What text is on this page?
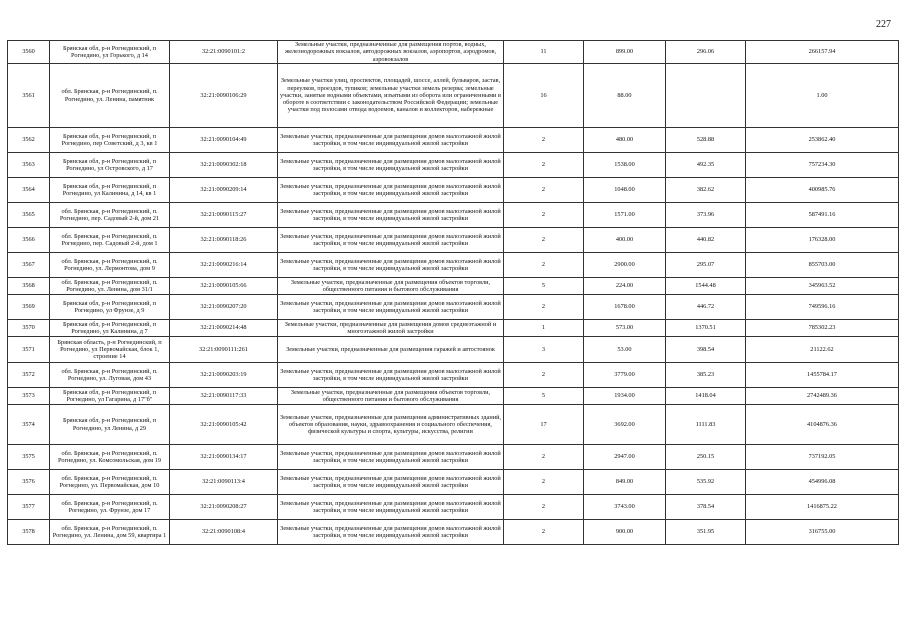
227
3560	Брянская обл, р-н Рогнединский, п Рогнедино, ул Горького, д 14	32:21:0090101:2	Земельные участки, предназначенные для размещения портов, водных, железнодорожных вокзалов, автодорожных вокзалов, аэропортов, аэродромов, аэровокзалов	11	899.00	296.06	266157.94
3561	обл. Брянская, р-н Рогнединский, п. Рогнедино, ул. Ленина, памятник	32:21:0090106:29	Земельные участки улиц, проспектов, площадей, шоссе, аллей, бульваров, застав, переулков, проездов, тупиков; земельные участки земель резерва; земельные участки, занятые водными объектами, изъятыми из оборота или ограниченными в обороте в соответствии с законодательством Российской Федерации; земельные участки под полосами отвода водоемов, каналов и коллекторов, набережные	16	88.00		1.00
3562	Брянская обл, р-н Рогнединский, п Рогнедино, пер Советский, д 3, кв 1	32:21:0090104:49	Земельные участки, предназначенные для размещения домов малоэтажной жилой застройки, в том числе индивидуальной жилой застройки	2	480.00	528.88	253862.40
3563	Брянская обл, р-н Рогнединский, п Рогнедино, ул Островского, д 17	32:21:0090302:18	Земельные участки, предназначенные для размещения домов малоэтажной жилой застройки, в том числе индивидуальной жилой застройки	2	1538.00	492.35	757234.30
3564	Брянская обл, р-н Рогнединский, п Рогнедино, ул Калинина, д 14, кв 1	32:21:0090209:14	Земельные участки, предназначенные для размещения домов малоэтажной жилой застройки, в том числе индивидуальной жилой застройки	2	1048.00	382.62	400985.76
3565	обл. Брянская, р-н Рогнединский, п. Рогнедино, пер. Садовый 2-й, дом 21	32:21:0090115:27	Земельные участки, предназначенные для размещения домов малоэтажной жилой застройки, в том числе индивидуальной жилой застройки	2	1571.00	373.96	587491.16
3566	обл. Брянская, р-н Рогнединский, п. Рогнедино, пер. Садовый 2-й, дом 1	32:21:0090118:26	Земельные участки, предназначенные для размещения домов малоэтажной жилой застройки, в том числе индивидуальной жилой застройки	2	400.00	440.82	176328.00
3567	обл. Брянская, р-н Рогнединский, п. Рогнедино, ул. Лермонтова, дом 9	32:21:0090216:14	Земельные участки, предназначенные для размещения домов малоэтажной жилой застройки, в том числе индивидуальной жилой застройки	2	2900.00	295.07	855703.00
3568	обл. Брянская, р-н Рогнединский, п. Рогнедино, ул. Ленина, дом 31/1	32:21:0090105:66	Земельные участки, предназначенные для размещения объектов торговли, общественного питания и бытового обслуживания	5	224.00	1544.48	345963.52
3569	Брянская обл, р-н Рогнединский, п Рогнедино, ул Фрунзе, д 9	32:21:0090207:20	Земельные участки, предназначенные для размещения домов малоэтажной жилой застройки, в том числе индивидуальной жилой застройки	2	1678.00	446.72	749596.16
3570	Брянская обл, р-н Рогнединский, п Рогнедино, ул Калинина, д 7	32:21:0090214:48	Земельные участки, предназначенные для размещения домов среднеэтажной и многоэтажной жилой застройки	1	573.00	1370.51	785302.23
3571	Брянская область, р-н Рогнединский, п Рогнедино, ул Первомайская, блок 1, строение 14	32:21:0090111:261	Земельные участки, предназначенные для размещения гаражей и автостоянок	3	53.00	398.54	21122.62
3572	обл. Брянская, р-н Рогнединский, п. Рогнедино, ул. Луговая, дом 43	32:21:0090203:19	Земельные участки, предназначенные для размещения домов малоэтажной жилой застройки, в том числе индивидуальной жилой застройки	2	3779.00	385.23	1455784.17
3573	Брянская обл, р-н Рогнединский, п Рогнедино, ул Гагарина, д 17"б"	32:21:0090117:33	Земельные участки, предназначенные для размещения объектов торговли, общественного питания и бытового обслуживания	5	1934.00	1418.04	2742489.36
3574	Брянская обл, р-н Рогнединский, п Рогнедино, ул Ленина, д 29	32:21:0090105:42	Земельные участки, предназначенные для размещения административных зданий, объектов образования, науки, здравоохранения и социального обеспечения, физической культуры и спорта, культуры, искусства, религии	17	3692.00	1111.83	4104876.36
3575	обл. Брянская, р-н Рогнединский, п. Рогнедино, ул. Комсомольская, дом 19	32:21:0090134:17	Земельные участки, предназначенные для размещения домов малоэтажной жилой застройки, в том числе индивидуальной жилой застройки	2	2947.00	250.15	737192.05
3576	обл. Брянская, р-н Рогнединский, п. Рогнедино, ул. Первомайская, дом 10	32:21:0090113:4	Земельные участки, предназначенные для размещения домов малоэтажной жилой застройки, в том числе индивидуальной жилой застройки	2	849.00	535.92	454996.08
3577	обл. Брянская, р-н Рогнединский, п. Рогнедино, ул. Фрунзе, дом 17	32:21:0090208:27	Земельные участки, предназначенные для размещения домов малоэтажной жилой застройки, в том числе индивидуальной жилой застройки	2	3743.00	378.54	1416875.22
3578	обл. Брянская, р-н Рогнединский, п. Рогнедино, ул. Ленина, дом 59, квартира 1	32:21:0090108:4	Земельные участки, предназначенные для размещения домов малоэтажной жилой застройки, в том числе индивидуальной жилой застройки	2	900.00	351.95	316755.00
